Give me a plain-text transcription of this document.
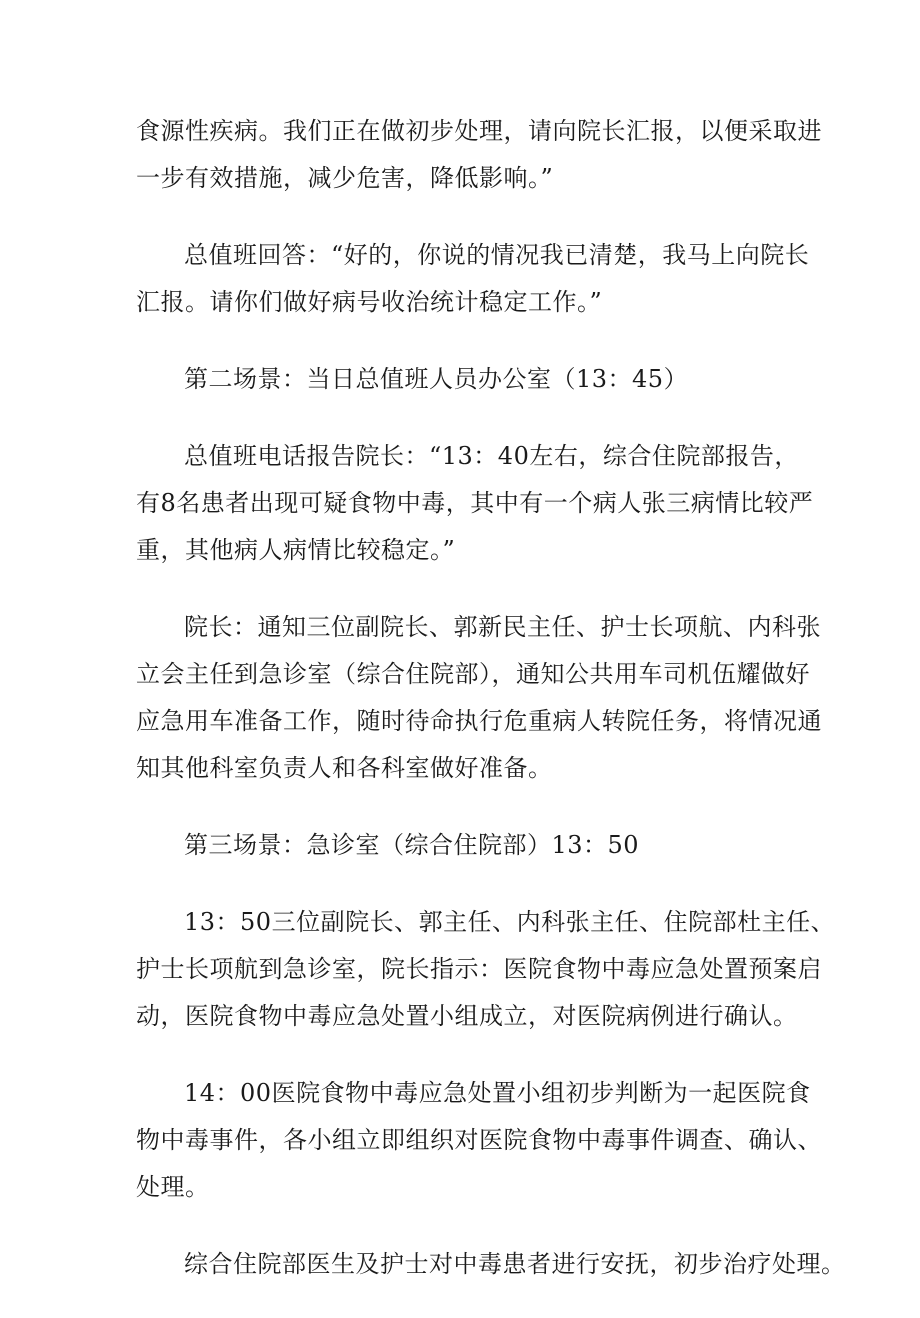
食源性疾病。我们正在做初步处理，请向院长汇报，以便采取进
一步有效措施，减少危害，降低影响。”

总值班回答：“好的，你说的情况我已清楚，我马上向院长
汇报。请你们做好病号收治统计稳定工作。”

第二场景：当日总值班人员办公室（13：45）

总值班电话报告院长：“13：40左右，综合住院部报告，
有8名患者出现可疑食物中毒，其中有一个病人张三病情比较严
重，其他病人病情比较稳定。”

院长：通知三位副院长、郭新民主任、护士长项航、内科张
立会主任到急诊室（综合住院部），通知公共用车司机伍耀做好
应急用车准备工作，随时待命执行危重病人转院任务，将情况通
知其他科室负责人和各科室做好准备。

第三场景：急诊室（综合住院部）13：50

13：50三位副院长、郭主任、内科张主任、住院部杜主任、
护士长项航到急诊室，院长指示：医院食物中毒应急处置预案启
动，医院食物中毒应急处置小组成立，对医院病例进行确认。

14：00医院食物中毒应急处置小组初步判断为一起医院食
物中毒事件，各小组立即组织对医院食物中毒事件调查、确认、
处理。

综合住院部医生及护士对中毒患者进行安抚，初步治疗处理。
